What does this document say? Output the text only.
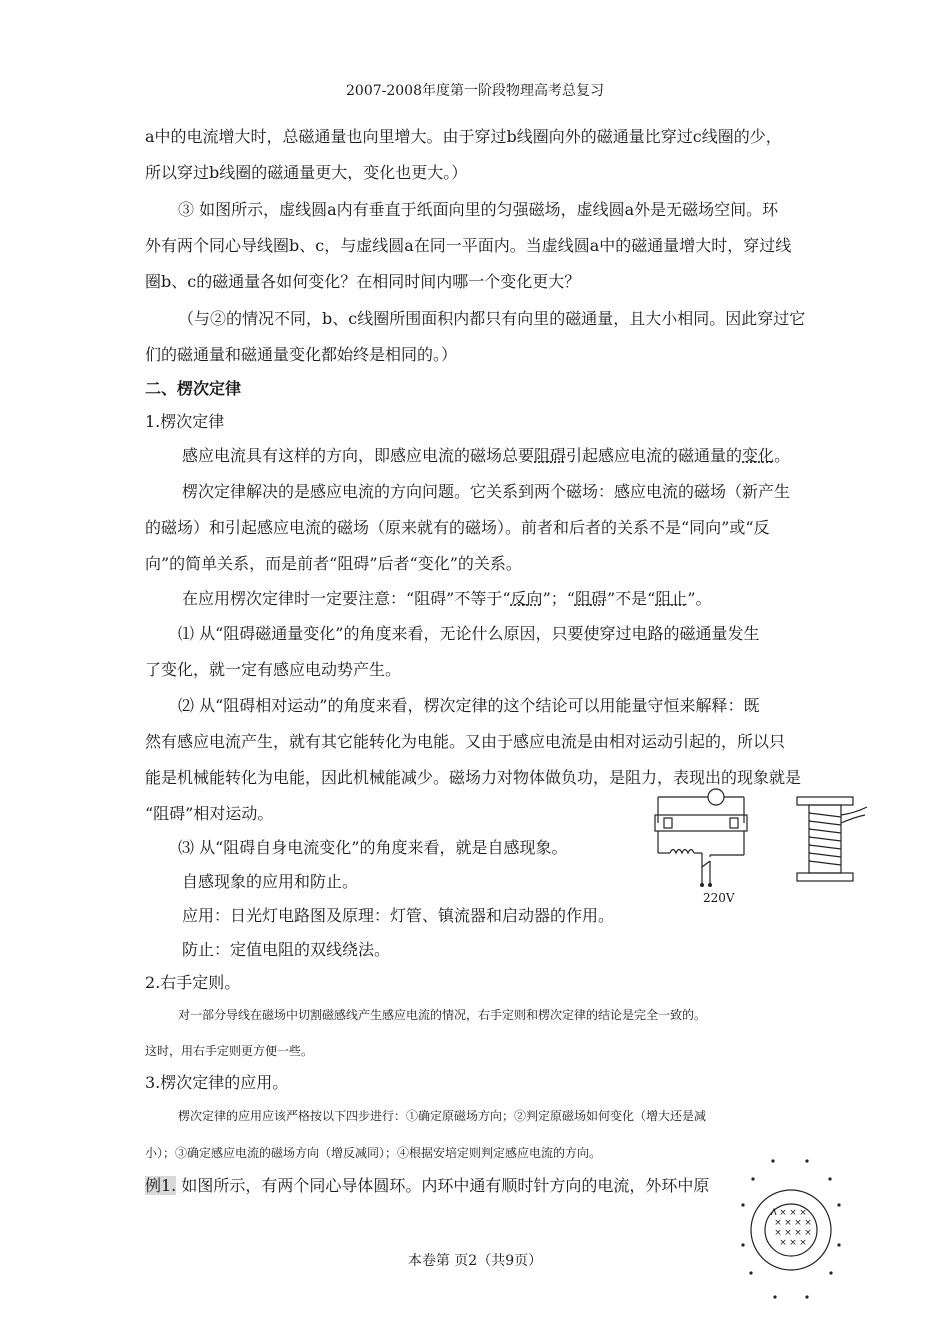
2007-2008年度第一阶段物理高考总复习
a中的电流增大时，总磁通量也向里增大。由于穿过b线圈向外的磁通量比穿过c线圈的少，
所以穿过b线圈的磁通量更大，变化也更大。）
③ 如图所示，虚线圆a内有垂直于纸面向里的匀强磁场，虚线圆a外是无磁场空间。环
外有两个同心导线圈b、c，与虚线圆a在同一平面内。当虚线圆a中的磁通量增大时，穿过线
圈b、c的磁通量各如何变化？在相同时间内哪一个变化更大？
（与②的情况不同，b、c线圈所围面积内都只有向里的磁通量，且大小相同。因此穿过它
们的磁通量和磁通量变化都始终是相同的。）
二、楞次定律
1.楞次定律
感应电流具有这样的方向，即感应电流的磁场总要阻碍引起感应电流的磁通量的变化。
楞次定律解决的是感应电流的方向问题。它关系到两个磁场：感应电流的磁场（新产生
的磁场）和引起感应电流的磁场（原来就有的磁场）。前者和后者的关系不是“同向”或“反
向”的简单关系，而是前者“阻碍”后者“变化”的关系。
在应用楞次定律时一定要注意：“阻碍”不等于“反向”；“阻碍”不是“阻止”。
⑴ 从“阻碍磁通量变化”的角度来看，无论什么原因，只要使穿过电路的磁通量发生
了变化，就一定有感应电动势产生。
⑵ 从“阻碍相对运动”的角度来看，楞次定律的这个结论可以用能量守恒来解释：既
然有感应电流产生，就有其它能转化为电能。又由于感应电流是由相对运动引起的，所以只
能是机械能转化为电能，因此机械能减少。磁场力对物体做负功，是阻力，表现出的现象就是
“阻碍”相对运动。
⑶ 从“阻碍自身电流变化”的角度来看，就是自感现象。
自感现象的应用和防止。
应用：日光灯电路图及原理：灯管、镇流器和启动器的作用。
防止：定值电阻的双线绕法。
2.右手定则。
对一部分导线在磁场中切割磁感线产生感应电流的情况，右手定则和楞次定律的结论是完全一致的。
这时，用右手定则更方便一些。
3.楞次定律的应用。
楞次定律的应用应该严格按以下四步进行：①确定原磁场方向；②判定原磁场如何变化（增大还是减
小）；③确定感应电流的磁场方向（增反减同）；④根据安培定则判定感应电流的方向。
例1. 如图所示，有两个同心导体圆环。内环中通有顺时针方向的电流，外环中原
220V
× × ×
× × × ×
× × × ×
× × ×
本卷第 页2（共9页）
